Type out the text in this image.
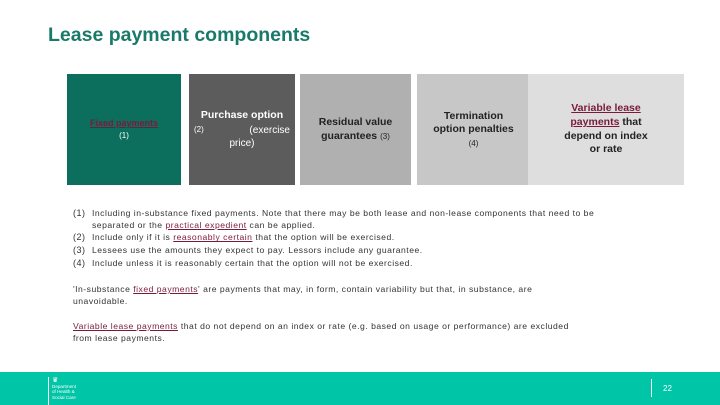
Lease payment components
Fixed payments
(1)
Purchase option
(2)	(exercise
price)
Residual value
guarantees (3)
Termination
option penalties
(4)
Variable lease
payments that
depend on index
or rate
(1) Including in-substance fixed payments. Note that there may be both lease and non-lease components that need to be separated or the practical expedient can be applied.
(2) Include only if it is reasonably certain that the option will be exercised.
(3) Lessees use the amounts they expect to pay. Lessors include any guarantee.
(4) Include unless it is reasonably certain that the option will not be exercised.
'In-substance fixed payments' are payments that may, in form, contain variability but that, in substance, are unavoidable.
Variable lease payments that do not depend on an index or rate (e.g. based on usage or performance) are excluded from lease payments.
♛
Department
of Health &
Social Care
22
